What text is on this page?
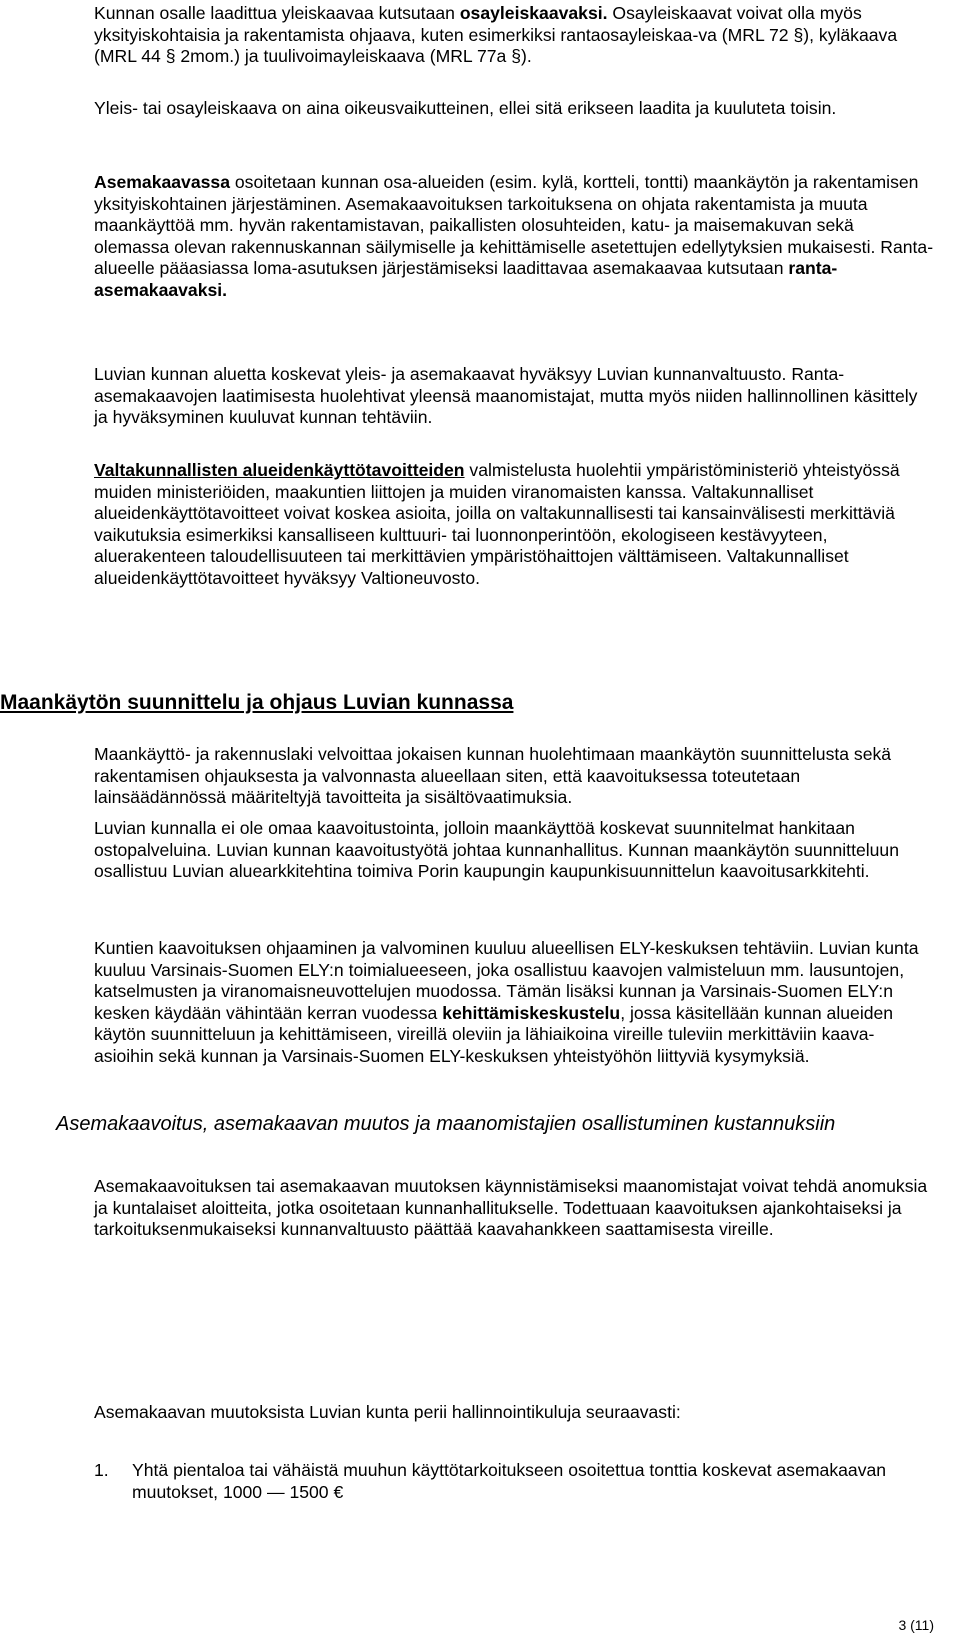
Kunnan osalle laadittua yleiskaavaa kutsutaan osayleiskaavaksi. Osayleiskaavat voivat olla myös yksityiskohtaisia ja rakentamista ohjaava, kuten esimerkiksi rantaosayleiskaa-va (MRL 72 §), kyläkaava (MRL 44 § 2mom.) ja tuulivoimayleiskaava (MRL 77a §).

Yleis- tai osayleiskaava on aina oikeusvaikutteinen, ellei sitä erikseen laadita ja kuuluteta toisin.

Asemakaavassa osoitetaan kunnan osa-alueiden (esim. kylä, kortteli, tontti) maankäytön ja rakentamisen yksityiskohtainen järjestäminen. Asemakaavoituksen tarkoituksena on ohjata rakentamista ja muuta maankäyttöä mm. hyvän rakentamistavan, paikallisten olosuhteiden, katu- ja maisemakuvan sekä olemassa olevan rakennuskannan säilymiselle ja kehittämiselle asetettujen edellytyksien mukaisesti. Ranta-alueelle pääasiassa loma-asutuksen järjestämiseksi laadittavaa asemakaavaa kutsutaan ranta-asemakaavaksi.

Luvian kunnan aluetta koskevat yleis- ja asemakaavat hyväksyy Luvian kunnanvaltuusto. Ranta-asemakaavojen laatimisesta huolehtivat yleensä maanomistajat, mutta myös niiden hallinnollinen käsittely ja hyväksyminen kuuluvat kunnan tehtäviin.

Valtakunnallisten alueidenkäyttötavoitteiden valmistelusta huolehtii ympäristöministeriö yhteistyössä muiden ministeriöiden, maakuntien liittojen ja muiden viranomaisten kanssa. Valtakunnalliset alueidenkäyttötavoitteet voivat koskea asioita, joilla on valtakunnallisesti tai kansainvälisesti merkittäviä vaikutuksia esimerkiksi kansalliseen kulttuuri- tai luonnonperintöön, ekologiseen kestävyyteen, aluerakenteen taloudellisuuteen tai merkittävien ympäristöhaittojen välttämiseen. Valtakunnalliset alueidenkäyttötavoitteet hyväksyy Valtioneuvosto.

Maankäytön suunnittelu ja ohjaus Luvian kunnassa

Maankäyttö- ja rakennuslaki velvoittaa jokaisen kunnan huolehtimaan maankäytön suunnittelusta sekä rakentamisen ohjauksesta ja valvonnasta alueellaan siten, että kaavoituksessa toteutetaan lainsäädännössä määriteltyjä tavoitteita ja sisältövaatimuksia.

Luvian kunnalla ei ole omaa kaavoitustointa, jolloin maankäyttöä koskevat suunnitelmat hankitaan ostopalveluina. Luvian kunnan kaavoitustyötä johtaa kunnanhallitus. Kunnan maankäytön suunnitteluun osallistuu Luvian aluearkkitehtina toimiva Porin kaupungin kaupunkisuunnittelun kaavoitusarkkitehti.

Kuntien kaavoituksen ohjaaminen ja valvominen kuuluu alueellisen ELY-keskuksen tehtäviin. Luvian kunta kuuluu Varsinais-Suomen ELY:n toimialueeseen, joka osallistuu kaavojen valmisteluun mm. lausuntojen, katselmusten ja viranomaisneuvottelujen muodossa. Tämän lisäksi kunnan ja Varsinais-Suomen ELY:n kesken käydään vähintään kerran vuodessa kehittämiskeskustelu, jossa käsitellään kunnan alueiden käytön suunnitteluun ja kehittämiseen, vireillä oleviin ja lähiaikoina vireille tuleviin merkittäviin kaava-asioihin sekä kunnan ja Varsinais-Suomen ELY-keskuksen yhteistyöhön liittyviä kysymyksiä.

Asemakaavoitus, asemakaavan muutos ja maanomistajien osallistuminen kustannuksiin

Asemakaavoituksen tai asemakaavan muutoksen käynnistämiseksi maanomistajat voivat tehdä anomuksia ja kuntalaiset aloitteita, jotka osoitetaan kunnanhallitukselle. Todettuaan kaavoituksen ajankohtaiseksi ja tarkoituksenmukaiseksi kunnanvaltuusto päättää kaavahankkeen saattamisesta vireille.

Asemakaavan muutoksista Luvian kunta perii hallinnointikuluja seuraavasti:

1. Yhtä pientaloa tai vähäistä muuhun käyttötarkoitukseen osoitettua tonttia koskevat asemakaavan muutokset, 1000 — 1500 €
3 (11)
